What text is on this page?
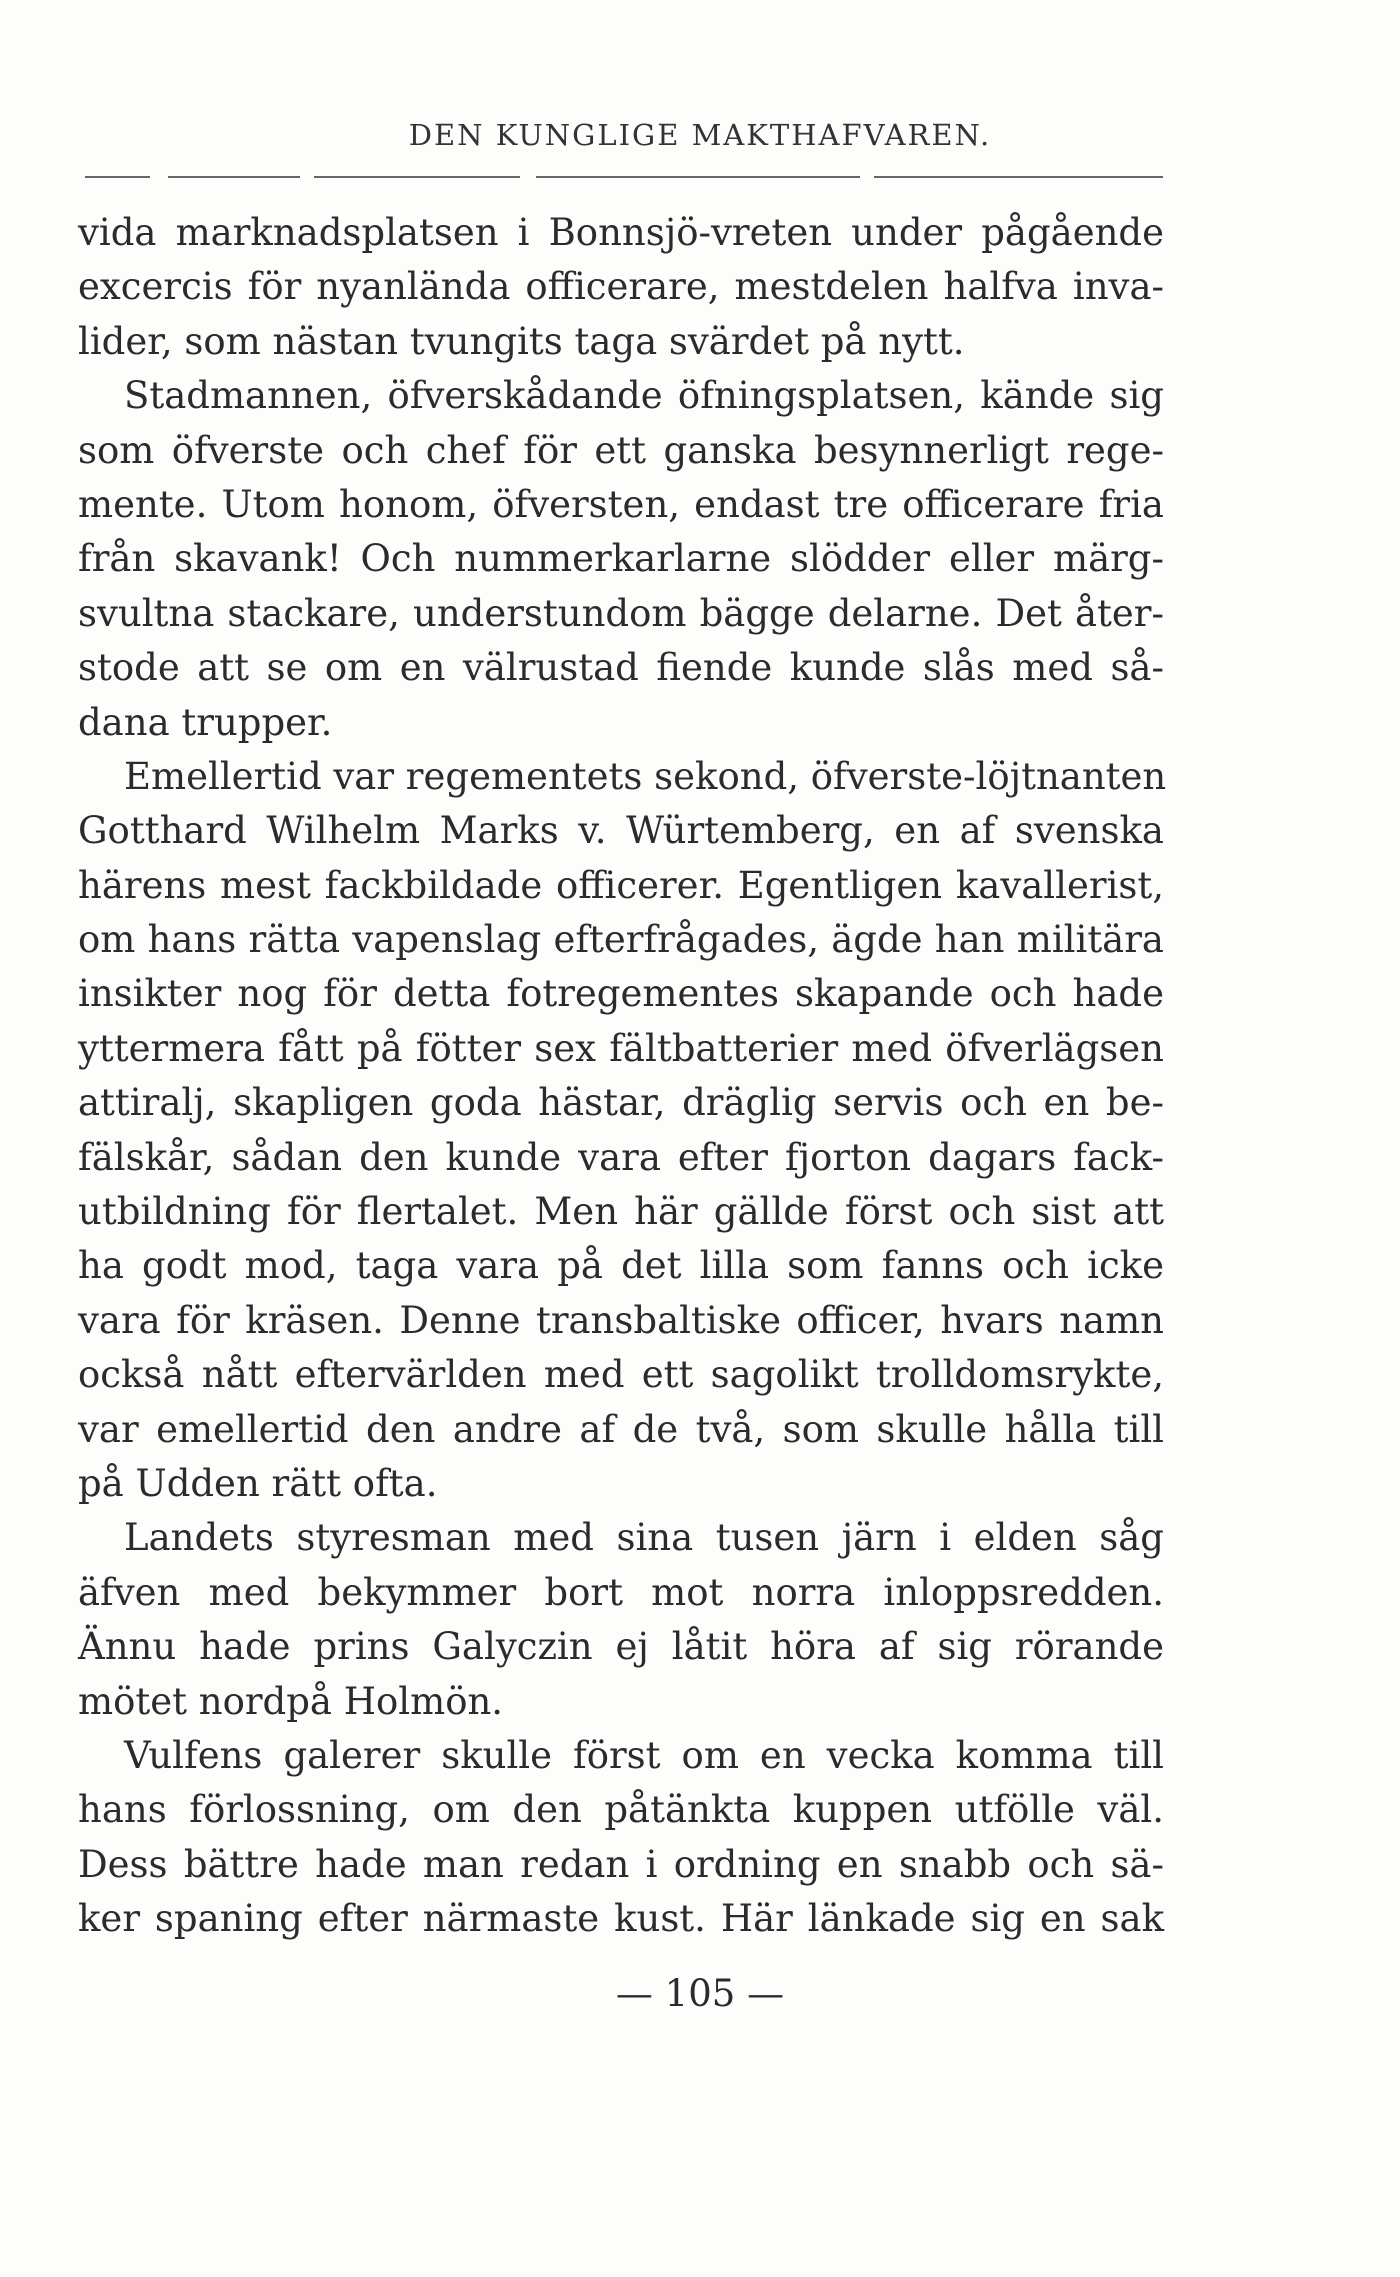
DEN KUNGLIGE MAKTHAFVAREN.

vida marknadsplatsen i Bonnsjö-vreten under pågående
excercis för nyanlända officerare, mestdelen halfva inva-
lider, som nästan tvungits taga svärdet på nytt.

Stadmannen, öfverskådande öfningsplatsen, kände sig
som öfverste och chef för ett ganska besynnerligt rege-
mente. Utom honom, öfversten, endast tre officerare fria
från skavank! Och nummerkarlarne slödder eller märg-
svultna stackare, understundom bägge delarne. Det åter-
stode att se om en välrustad fiende kunde slås med så-
dana trupper.

Emellertid var regementets sekond, öfverste-löjtnanten
Gotthard Wilhelm Marks v. Würtemberg, en af svenska
härens mest fackbildade officerer. Egentligen kavallerist,
om hans rätta vapenslag efterfrågades, ägde han militära
insikter nog för detta fotregementes skapande och hade
yttermera fått på fötter sex fältbatterier med öfverlägsen
attiralj, skapligen goda hästar, dräglig servis och en be-
fälskår, sådan den kunde vara efter fjorton dagars fack-
utbildning för flertalet. Men här gällde först och sist att
ha godt mod, taga vara på det lilla som fanns och icke
vara för kräsen. Denne transbaltiske officer, hvars namn
också nått eftervärlden med ett sagolikt trolldomsrykte,
var emellertid den andre af de två, som skulle hålla till
på Udden rätt ofta.

Landets styresman med sina tusen järn i elden såg
äfven med bekymmer bort mot norra inloppsredden.
Ännu hade prins Galyczin ej låtit höra af sig rörande
mötet nordpå Holmön.

Vulfens galerer skulle först om en vecka komma till
hans förlossning, om den påtänkta kuppen utfölle väl.
Dess bättre hade man redan i ordning en snabb och sä-
ker spaning efter närmaste kust. Här länkade sig en sak

— 105 —
